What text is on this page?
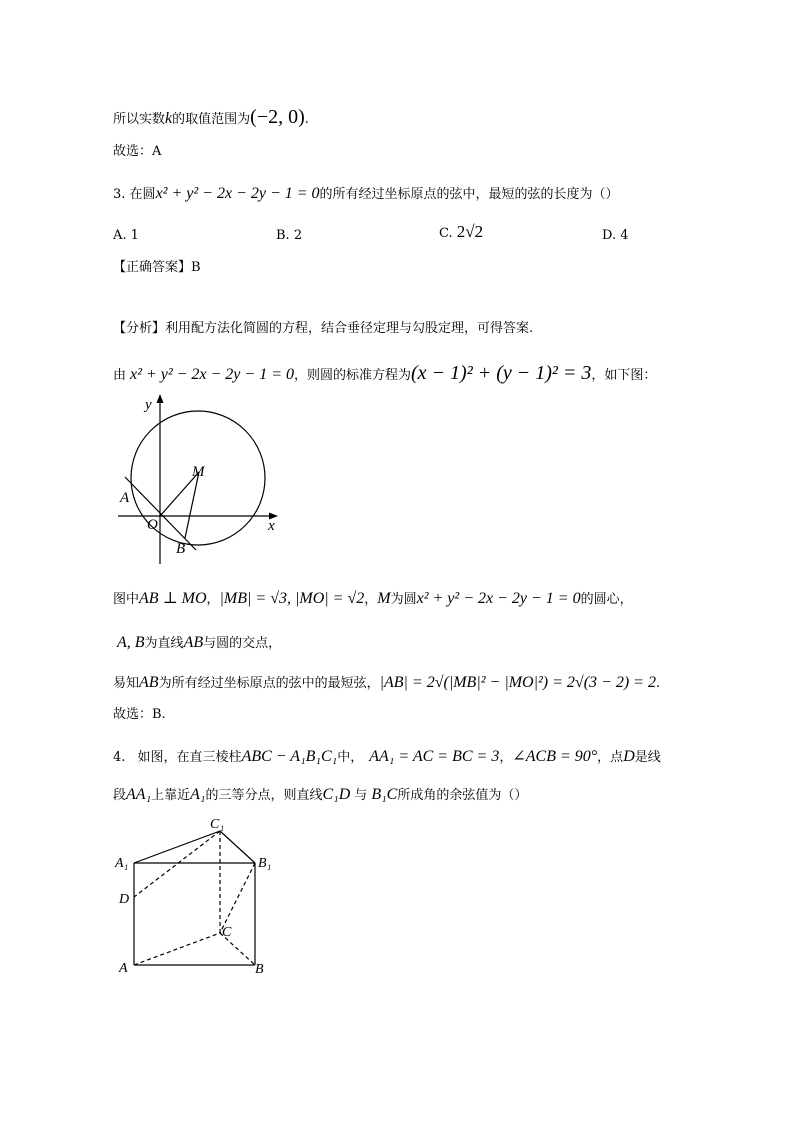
所以实数k的取值范围为(−2, 0).
故选：A
3. 在圆x² + y² − 2x − 2y − 1 = 0的所有经过坐标原点的弦中，最短的弦的长度为（）
A. 1	B. 2	C. 2√2	D. 4
【正确答案】B
【分析】利用配方法化简圆的方程，结合垂径定理与勾股定理，可得答案.
由 x² + y² − 2x − 2y − 1 = 0，则圆的标准方程为(x − 1)² + (y − 1)² = 3，如下图：
y
x
M
A
O
B
图中AB ⊥ MO，|MB| = √3, |MO| = √2，M为圆x² + y² − 2x − 2y − 1 = 0的圆心，
A, B为直线AB与圆的交点，
易知AB为所有经过坐标原点的弦中的最短弦，|AB| = 2√(|MB|² − |MO|²) = 2√(3 − 2) = 2.
故选：B.
4. 如图，在直三棱柱ABC − A₁B₁C₁中， AA₁ = AC = BC = 3，∠ACB = 90°，点D是线
段AA₁上靠近A₁的三等分点，则直线C₁D 与 B₁C所成角的余弦值为（）
C₁
A₁	B₁
D
C
A	B
